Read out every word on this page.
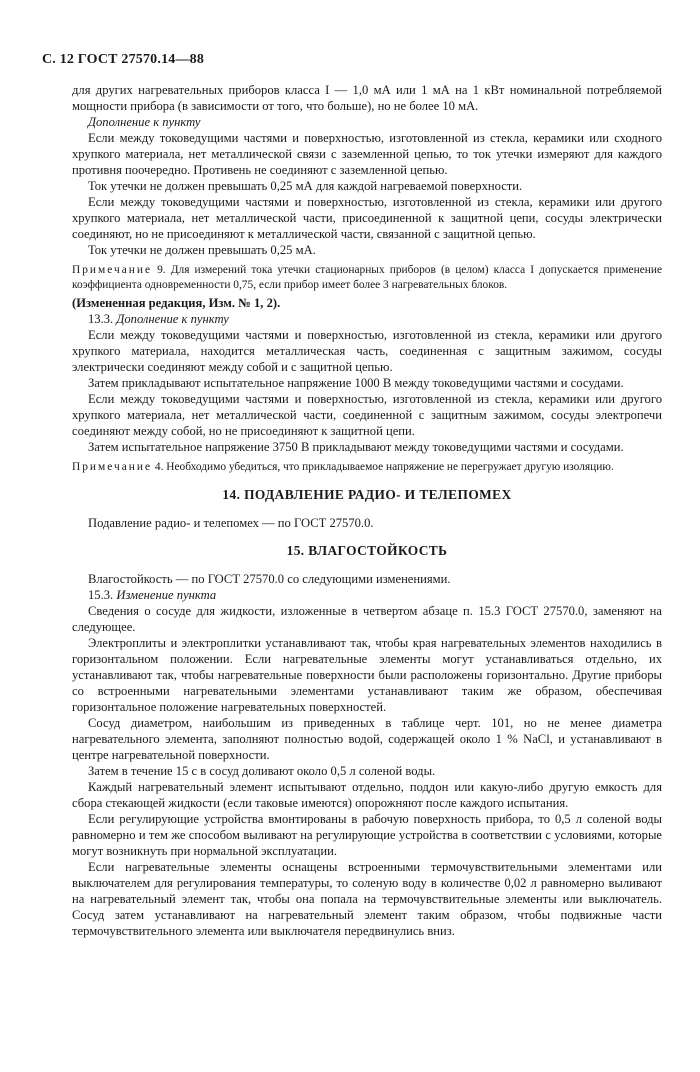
С. 12 ГОСТ 27570.14—88

для других нагревательных приборов класса I — 1,0 мА или 1 мА на 1 кВт номинальной потребляемой мощности прибора (в зависимости от того, что больше), но не более 10 мА.

Дополнение к пункту

Если между токоведущими частями и поверхностью, изготовленной из стекла, керамики или сходного хрупкого материала, нет металлической связи с заземленной цепью, то ток утечки измеряют для каждого противня поочередно. Противень не соединяют с заземленной цепью.

Ток утечки не должен превышать 0,25 мА для каждой нагреваемой поверхности.

Если между токоведущими частями и поверхностью, изготовленной из стекла, керамики или другого хрупкого материала, нет металлической части, присоединенной к защитной цепи, сосуды электрически соединяют, но не присоединяют к металлической части, связанной с защитной цепью.

Ток утечки не должен превышать 0,25 мА.

Примечание 9. Для измерений тока утечки стационарных приборов (в целом) класса I допускается применение коэффициента одновременности 0,75, если прибор имеет более 3 нагревательных блоков.

(Измененная редакция, Изм. № 1, 2).

13.3. Дополнение к пункту

Если между токоведущими частями и поверхностью, изготовленной из стекла, керамики или другого хрупкого материала, находится металлическая часть, соединенная с защитным зажимом, сосуды электрически соединяют между собой и с защитной цепью.

Затем прикладывают испытательное напряжение 1000 В между токоведущими частями и сосудами.

Если между токоведущими частями и поверхностью, изготовленной из стекла, керамики или другого хрупкого материала, нет металлической части, соединенной с защитным зажимом, сосуды электропечи соединяют между собой, но не присоединяют к защитной цепи.

Затем испытательное напряжение 3750 В прикладывают между токоведущими частями и сосудами.

Примечание 4. Необходимо убедиться, что прикладываемое напряжение не перегружает другую изоляцию.

14. ПОДАВЛЕНИЕ РАДИО- И ТЕЛЕПОМЕХ

Подавление радио- и телепомех — по ГОСТ 27570.0.

15. ВЛАГОСТОЙКОСТЬ

Влагостойкость — по ГОСТ 27570.0 со следующими изменениями.

15.3. Изменение пункта

Сведения о сосуде для жидкости, изложенные в четвертом абзаце п. 15.3 ГОСТ 27570.0, заменяют на следующее.

Электроплиты и электроплитки устанавливают так, чтобы края нагревательных элементов находились в горизонтальном положении. Если нагревательные элементы могут устанавливаться отдельно, их устанавливают так, чтобы нагревательные поверхности были расположены горизонтально. Другие приборы со встроенными нагревательными элементами устанавливают таким же образом, обеспечивая горизонтальное положение нагревательных поверхностей.

Сосуд диаметром, наибольшим из приведенных в таблице черт. 101, но не менее диаметра нагревательного элемента, заполняют полностью водой, содержащей около 1 % NaCl, и устанавливают в центре нагревательной поверхности.

Затем в течение 15 с в сосуд доливают около 0,5 л соленой воды.

Каждый нагревательный элемент испытывают отдельно, поддон или какую-либо другую емкость для сбора стекающей жидкости (если таковые имеются) опорожняют после каждого испытания.

Если регулирующие устройства вмонтированы в рабочую поверхность прибора, то 0,5 л соленой воды равномерно и тем же способом выливают на регулирующие устройства в соответствии с условиями, которые могут возникнуть при нормальной эксплуатации.

Если нагревательные элементы оснащены встроенными термочувствительными элементами или выключателем для регулирования температуры, то соленую воду в количестве 0,02 л равномерно выливают на нагревательный элемент так, чтобы она попала на термочувствительные элементы или выключатель. Сосуд затем устанавливают на нагревательный элемент таким образом, чтобы подвижные части термочувствительного элемента или выключателя передвинулись вниз.
